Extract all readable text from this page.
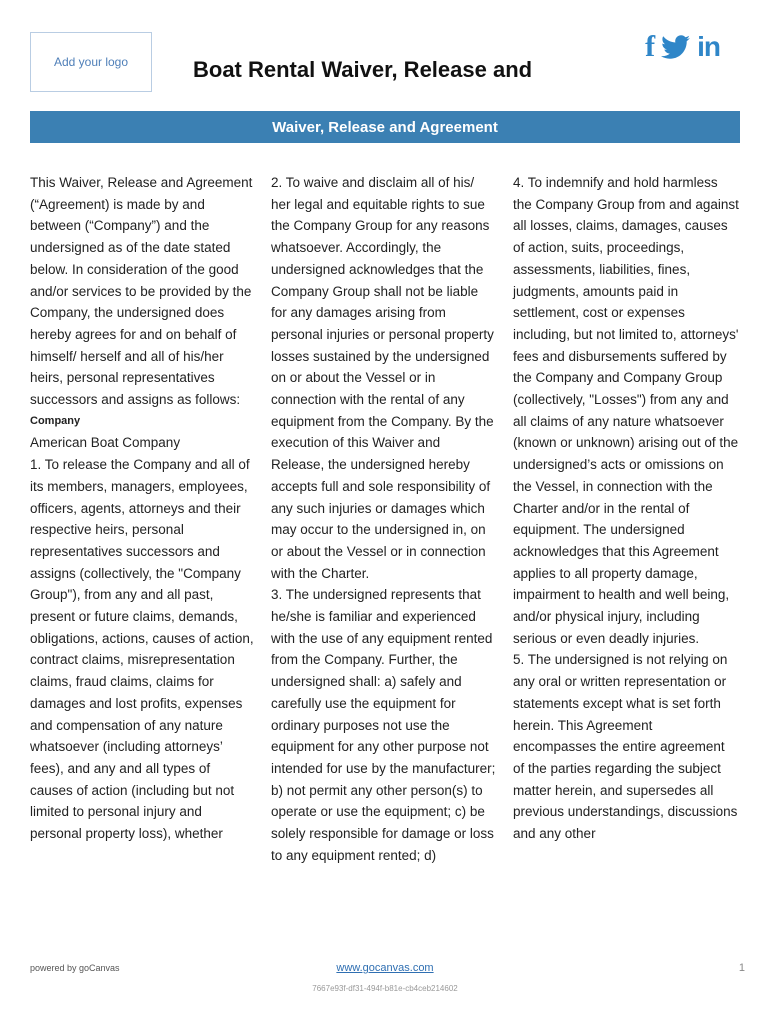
Add your logo	Boat Rental Waiver, Release and
f in
Waiver, Release and Agreement

This Waiver, Release and Agreement (“Agreement) is made by and between (“Company”) and the undersigned as of the date stated below. In consideration of the good and/or services to be provided by the Company, the undersigned does hereby agrees for and on behalf of himself/ herself and all of his/her heirs, personal representatives successors and assigns as follows:

Company

American Boat Company

1. To release the Company and all of its members, managers, employees, officers, agents, attorneys and their respective heirs, personal representatives successors and assigns (collectively, the "Company Group"), from any and all past, present or future claims, demands, obligations, actions, causes of action, contract claims, misrepresentation claims, fraud claims, claims for damages and lost profits, expenses and compensation of any nature whatsoever (including attorneys’ fees), and any and all types of causes of action (including but not limited to personal injury and personal property loss), whether

2. To waive and disclaim all of his/ her legal and equitable rights to sue the Company Group for any reasons whatsoever. Accordingly, the undersigned acknowledges that the Company Group shall not be liable for any damages arising from personal injuries or personal property losses sustained by the undersigned on or about the Vessel or in connection with the rental of any equipment from the Company. By the execution of this Waiver and Release, the undersigned hereby accepts full and sole responsibility of any such injuries or damages which may occur to the undersigned in, on or about the Vessel or in connection with the Charter.

3. The undersigned represents that he/she is familiar and experienced with the use of any equipment rented from the Company. Further, the undersigned shall: a) safely and carefully use the equipment for ordinary purposes not use the equipment for any other purpose not intended for use by the manufacturer; b) not permit any other person(s) to operate or use the equipment; c) be solely responsible for damage or loss to any equipment rented; d)

4. To indemnify and hold harmless the Company Group from and against all losses, claims, damages, causes of action, suits, proceedings, assessments, liabilities, fines, judgments, amounts paid in settlement, cost or expenses including, but not limited to, attorneys' fees and disbursements suffered by the Company and Company Group (collectively, "Losses") from any and all claims of any nature whatsoever (known or unknown) arising out of the undersigned’s acts or omissions on the Vessel, in connection with the Charter and/or in the rental of equipment. The undersigned acknowledges that this Agreement applies to all property damage, impairment to health and well being, and/or physical injury, including serious or even deadly injuries.

5. The undersigned is not relying on any oral or written representation or statements except what is set forth herein. This Agreement encompasses the entire agreement of the parties regarding the subject matter herein, and supersedes all previous understandings, discussions and any other

powered by goCanvas	www.gocanvas.com	1
7667e93f-df31-494f-b81e-cb4ceb214602
